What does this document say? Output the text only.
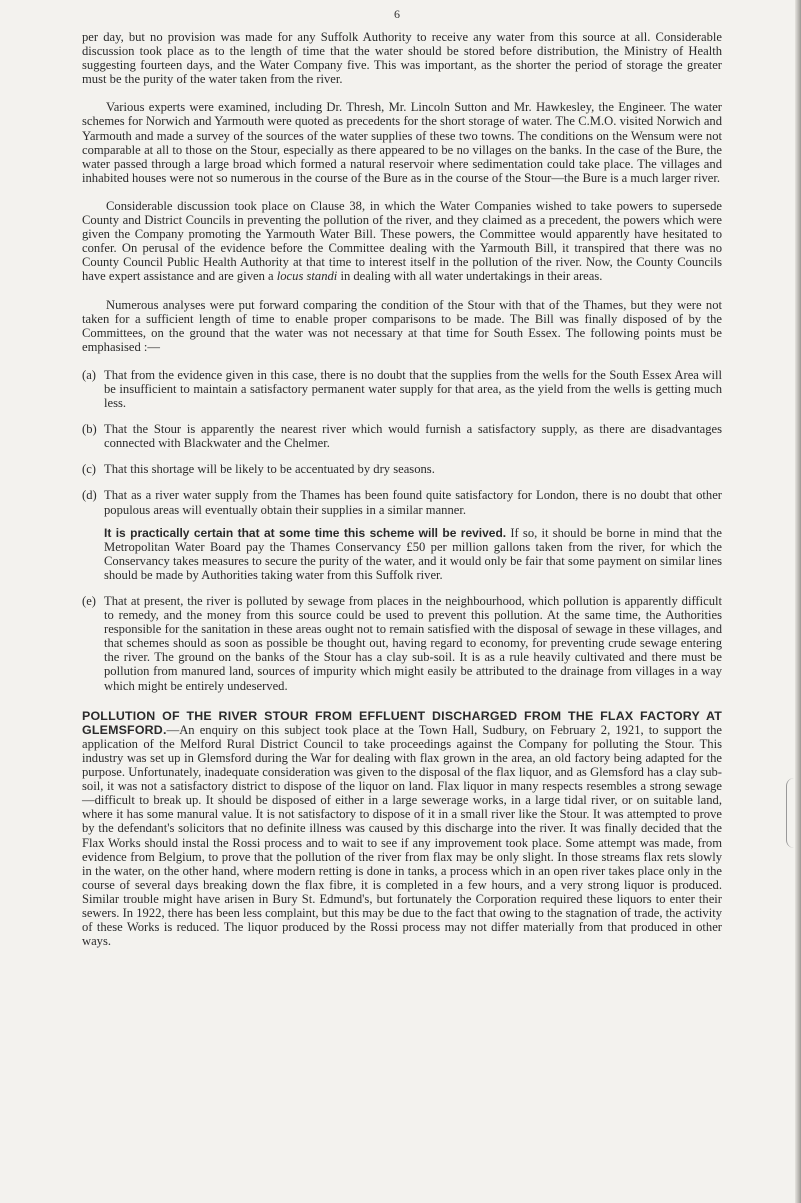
6

per day, but no provision was made for any Suffolk Authority to receive any water from this source at all. Considerable discussion took place as to the length of time that the water should be stored before distribution, the Ministry of Health suggesting fourteen days, and the Water Company five. This was important, as the shorter the period of storage the greater must be the purity of the water taken from the river.

Various experts were examined, including Dr. Thresh, Mr. Lincoln Sutton and Mr. Hawkesley, the Engineer. The water schemes for Norwich and Yarmouth were quoted as precedents for the short storage of water. The C.M.O. visited Norwich and Yarmouth and made a survey of the sources of the water supplies of these two towns. The conditions on the Wensum were not comparable at all to those on the Stour, especially as there appeared to be no villages on the banks. In the case of the Bure, the water passed through a large broad which formed a natural reservoir where sedimentation could take place. The villages and inhabited houses were not so numerous in the course of the Bure as in the course of the Stour—the Bure is a much larger river.

Considerable discussion took place on Clause 38, in which the Water Companies wished to take powers to supersede County and District Councils in preventing the pollution of the river, and they claimed as a precedent, the powers which were given the Company promoting the Yarmouth Water Bill. These powers, the Committee would apparently have hesitated to confer. On perusal of the evidence before the Committee dealing with the Yarmouth Bill, it transpired that there was no County Council Public Health Authority at that time to interest itself in the pollution of the river. Now, the County Councils have expert assistance and are given a locus standi in dealing with all water undertakings in their areas.

Numerous analyses were put forward comparing the condition of the Stour with that of the Thames, but they were not taken for a sufficient length of time to enable proper comparisons to be made. The Bill was finally disposed of by the Committees, on the ground that the water was not necessary at that time for South Essex. The following points must be emphasised :—

(a) That from the evidence given in this case, there is no doubt that the supplies from the wells for the South Essex Area will be insufficient to maintain a satisfactory permanent water supply for that area, as the yield from the wells is getting much less.

(b) That the Stour is apparently the nearest river which would furnish a satisfactory supply, as there are disadvantages connected with Blackwater and the Chelmer.

(c) That this shortage will be likely to be accentuated by dry seasons.

(d) That as a river water supply from the Thames has been found quite satisfactory for London, there is no doubt that other populous areas will eventually obtain their supplies in a similar manner.

It is practically certain that at some time this scheme will be revived. If so, it should be borne in mind that the Metropolitan Water Board pay the Thames Conservancy £50 per million gallons taken from the river, for which the Conservancy takes measures to secure the purity of the water, and it would only be fair that some payment on similar lines should be made by Authorities taking water from this Suffolk river.

(e) That at present, the river is polluted by sewage from places in the neighbourhood, which pollution is apparently difficult to remedy, and the money from this source could be used to prevent this pollution. At the same time, the Authorities responsible for the sanitation in these areas ought not to remain satisfied with the disposal of sewage in these villages, and that schemes should as soon as possible be thought out, having regard to economy, for preventing crude sewage entering the river. The ground on the banks of the Stour has a clay sub-soil. It is as a rule heavily cultivated and there must be pollution from manured land, sources of impurity which might easily be attributed to the drainage from villages in a way which might be entirely undeserved.

POLLUTION OF THE RIVER STOUR FROM EFFLUENT DISCHARGED FROM THE FLAX FACTORY AT GLEMSFORD.—An enquiry on this subject took place at the Town Hall, Sudbury, on February 2, 1921, to support the application of the Melford Rural District Council to take proceedings against the Company for polluting the Stour. This industry was set up in Glemsford during the War for dealing with flax grown in the area, an old factory being adapted for the purpose. Unfortunately, inadequate consideration was given to the disposal of the flax liquor, and as Glemsford has a clay sub-soil, it was not a satisfactory district to dispose of the liquor on land. Flax liquor in many respects resembles a strong sewage—difficult to break up. It should be disposed of either in a large sewerage works, in a large tidal river, or on suitable land, where it has some manural value. It is not satisfactory to dispose of it in a small river like the Stour. It was attempted to prove by the defendant's solicitors that no definite illness was caused by this discharge into the river. It was finally decided that the Flax Works should instal the Rossi process and to wait to see if any improvement took place. Some attempt was made, from evidence from Belgium, to prove that the pollution of the river from flax may be only slight. In those streams flax rets slowly in the water, on the other hand, where modern retting is done in tanks, a process which in an open river takes place only in the course of several days breaking down the flax fibre, it is completed in a few hours, and a very strong liquor is produced. Similar trouble might have arisen in Bury St. Edmund's, but fortunately the Corporation required these liquors to enter their sewers. In 1922, there has been less complaint, but this may be due to the fact that owing to the stagnation of trade, the activity of these Works is reduced. The liquor produced by the Rossi process may not differ materially from that produced in other ways.
